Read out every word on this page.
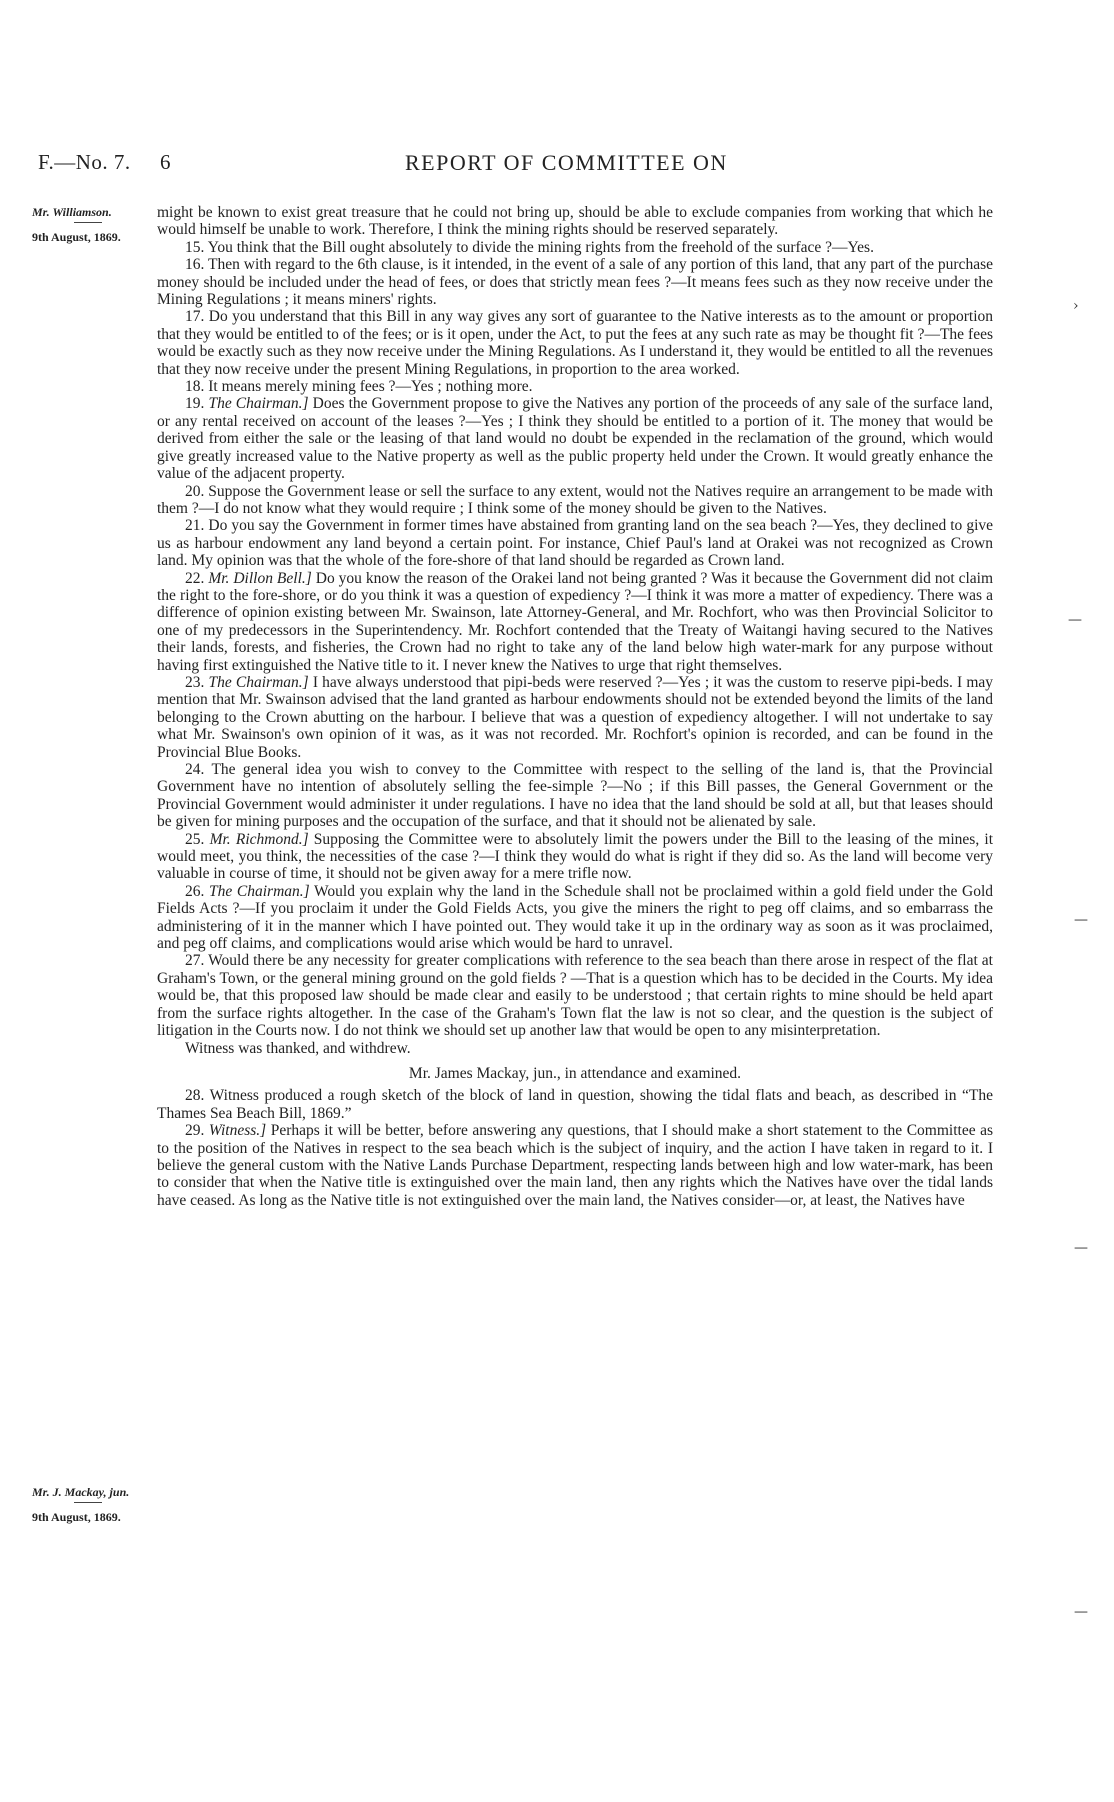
F.—No. 7. 6	REPORT OF COMMITTEE ON
Mr. Williamson.
9th August, 1869.
Mr. J. Mackay, jun.
9th August, 1869.

might be known to exist great treasure that he could not bring up, should be able to exclude companies from working that which he would himself be unable to work. Therefore, I think the mining rights should be reserved separately.

15. You think that the Bill ought absolutely to divide the mining rights from the freehold of the surface ?—Yes.

16. Then with regard to the 6th clause, is it intended, in the event of a sale of any portion of this land, that any part of the purchase money should be included under the head of fees, or does that strictly mean fees ?—It means fees such as they now receive under the Mining Regulations ; it means miners' rights.

17. Do you understand that this Bill in any way gives any sort of guarantee to the Native interests as to the amount or proportion that they would be entitled to of the fees; or is it open, under the Act, to put the fees at any such rate as may be thought fit ?—The fees would be exactly such as they now receive under the Mining Regulations. As I understand it, they would be entitled to all the revenues that they now receive under the present Mining Regulations, in proportion to the area worked.

18. It means merely mining fees ?—Yes ; nothing more.

19. The Chairman.] Does the Government propose to give the Natives any portion of the proceeds of any sale of the surface land, or any rental received on account of the leases ?—Yes ; I think they should be entitled to a portion of it. The money that would be derived from either the sale or the leasing of that land would no doubt be expended in the reclamation of the ground, which would give greatly increased value to the Native property as well as the public property held under the Crown. It would greatly enhance the value of the adjacent property.

20. Suppose the Government lease or sell the surface to any extent, would not the Natives require an arrangement to be made with them ?—I do not know what they would require ; I think some of the money should be given to the Natives.

21. Do you say the Government in former times have abstained from granting land on the sea beach ?—Yes, they declined to give us as harbour endowment any land beyond a certain point. For instance, Chief Paul's land at Orakei was not recognized as Crown land. My opinion was that the whole of the fore-shore of that land should be regarded as Crown land.

22. Mr. Dillon Bell.] Do you know the reason of the Orakei land not being granted ? Was it because the Government did not claim the right to the fore-shore, or do you think it was a question of expediency ?—I think it was more a matter of expediency. There was a difference of opinion existing between Mr. Swainson, late Attorney-General, and Mr. Rochfort, who was then Provincial Solicitor to one of my predecessors in the Superintendency. Mr. Rochfort contended that the Treaty of Waitangi having secured to the Natives their lands, forests, and fisheries, the Crown had no right to take any of the land below high water-mark for any purpose without having first extinguished the Native title to it. I never knew the Natives to urge that right themselves.

23. The Chairman.] I have always understood that pipi-beds were reserved ?—Yes ; it was the custom to reserve pipi-beds. I may mention that Mr. Swainson advised that the land granted as harbour endowments should not be extended beyond the limits of the land belonging to the Crown abutting on the harbour. I believe that was a question of expediency altogether. I will not undertake to say what Mr. Swainson's own opinion of it was, as it was not recorded. Mr. Rochfort's opinion is recorded, and can be found in the Provincial Blue Books.

24. The general idea you wish to convey to the Committee with respect to the selling of the land is, that the Provincial Government have no intention of absolutely selling the fee-simple ?—No ; if this Bill passes, the General Government or the Provincial Government would administer it under regulations. I have no idea that the land should be sold at all, but that leases should be given for mining purposes and the occupation of the surface, and that it should not be alienated by sale.

25. Mr. Richmond.] Supposing the Committee were to absolutely limit the powers under the Bill to the leasing of the mines, it would meet, you think, the necessities of the case ?—I think they would do what is right if they did so. As the land will become very valuable in course of time, it should not be given away for a mere trifle now.

26. The Chairman.] Would you explain why the land in the Schedule shall not be proclaimed within a gold field under the Gold Fields Acts ?—If you proclaim it under the Gold Fields Acts, you give the miners the right to peg off claims, and so embarrass the administering of it in the manner which I have pointed out. They would take it up in the ordinary way as soon as it was proclaimed, and peg off claims, and complications would arise which would be hard to unravel.

27. Would there be any necessity for greater complications with reference to the sea beach than there arose in respect of the flat at Graham's Town, or the general mining ground on the gold fields ? —That is a question which has to be decided in the Courts. My idea would be, that this proposed law should be made clear and easily to be understood ; that certain rights to mine should be held apart from the surface rights altogether. In the case of the Graham's Town flat the law is not so clear, and the question is the subject of litigation in the Courts now. I do not think we should set up another law that would be open to any misinterpretation.

Witness was thanked, and withdrew.

Mr. James Mackay, jun., in attendance and examined.

28. Witness produced a rough sketch of the block of land in question, showing the tidal flats and beach, as described in “The Thames Sea Beach Bill, 1869.”

29. Witness.] Perhaps it will be better, before answering any questions, that I should make a short statement to the Committee as to the position of the Natives in respect to the sea beach which is the subject of inquiry, and the action I have taken in regard to it. I believe the general custom with the Native Lands Purchase Department, respecting lands between high and low water-mark, has been to consider that when the Native title is extinguished over the main land, then any rights which the Natives have over the tidal lands have ceased. As long as the Native title is not extinguished over the main land, the Natives consider—or, at least, the Natives have

›
—
—
—
—
